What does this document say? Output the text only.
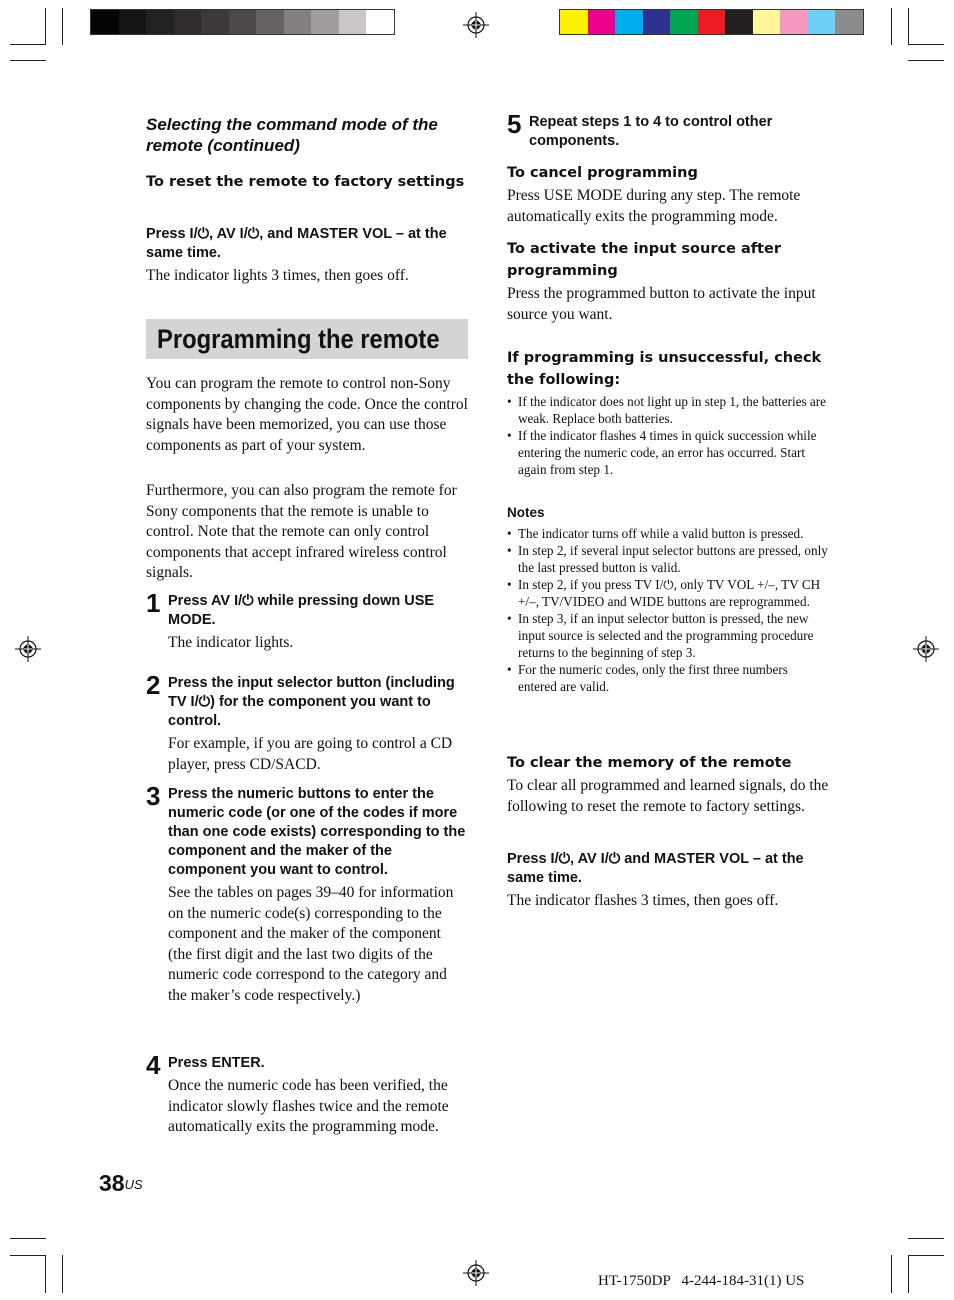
Selecting the command mode of the remote (continued)
To reset the remote to factory settings
Press I/⏻, AV I/⏻, and MASTER VOL – at the same time.
The indicator lights 3 times, then goes off.
Programming the remote
You can program the remote to control non-Sony components by changing the code. Once the control signals have been memorized, you can use those components as part of your system.
Furthermore, you can also program the remote for Sony components that the remote is unable to control. Note that the remote can only control components that accept infrared wireless control signals.
1 Press AV I/⏻ while pressing down USE MODE.
The indicator lights.
2 Press the input selector button (including TV I/⏻) for the component you want to control.
For example, if you are going to control a CD player, press CD/SACD.
3 Press the numeric buttons to enter the numeric code (or one of the codes if more than one code exists) corresponding to the component and the maker of the component you want to control.
See the tables on pages 39–40 for information on the numeric code(s) corresponding to the component and the maker of the component (the first digit and the last two digits of the numeric code correspond to the category and the maker’s code respectively.)
4 Press ENTER.
Once the numeric code has been verified, the indicator slowly flashes twice and the remote automatically exits the programming mode.
$38^{US}$
5 Repeat steps 1 to 4 to control other components.
To cancel programming
Press USE MODE during any step. The remote automatically exits the programming mode.
To activate the input source after programming
Press the programmed button to activate the input source you want.
If programming is unsuccessful, check the following:
• If the indicator does not light up in step 1, the batteries are weak. Replace both batteries.
• If the indicator flashes 4 times in quick succession while entering the numeric code, an error has occurred. Start again from step 1.
Notes
• The indicator turns off while a valid button is pressed.
• In step 2, if several input selector buttons are pressed, only the last pressed button is valid.
• In step 2, if you press TV I/⏻, only TV VOL +/–, TV CH +/–, TV/VIDEO and WIDE buttons are reprogrammed.
• In step 3, if an input selector button is pressed, the new input source is selected and the programming procedure returns to the beginning of step 3.
• For the numeric codes, only the first three numbers entered are valid.
To clear the memory of the remote
To clear all programmed and learned signals, do the following to reset the remote to factory settings.
Press I/⏻, AV I/⏻ and MASTER VOL – at the same time.
The indicator flashes 3 times, then goes off.
HT-1750DP   4-244-184-31(1) US
